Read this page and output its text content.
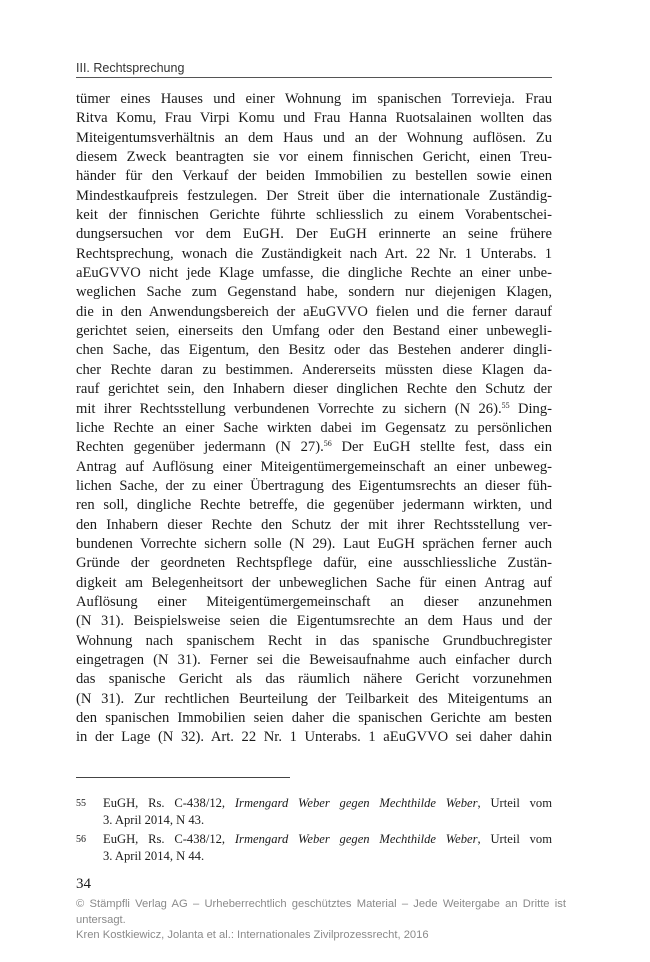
III. Rechtsprechung
tümer eines Hauses und einer Wohnung im spanischen Torrevieja. Frau
Ritva Komu, Frau Virpi Komu und Frau Hanna Ruotsalainen wollten das
Miteigentumsverhältnis an dem Haus und an der Wohnung auflösen. Zu
diesem Zweck beantragten sie vor einem finnischen Gericht, einen Treu-
händer für den Verkauf der beiden Immobilien zu bestellen sowie einen
Mindestkaufpreis festzulegen. Der Streit über die internationale Zuständig-
keit der finnischen Gerichte führte schliesslich zu einem Vorabentschei-
dungsersuchen vor dem EuGH. Der EuGH erinnerte an seine frühere
Rechtsprechung, wonach die Zuständigkeit nach Art. 22 Nr. 1 Unterabs. 1
aEuGVVO nicht jede Klage umfasse, die dingliche Rechte an einer unbe-
weglichen Sache zum Gegenstand habe, sondern nur diejenigen Klagen,
die in den Anwendungsbereich der aEuGVVO fielen und die ferner darauf
gerichtet seien, einerseits den Umfang oder den Bestand einer unbewegli-
chen Sache, das Eigentum, den Besitz oder das Bestehen anderer dingli-
cher Rechte daran zu bestimmen. Andererseits müssten diese Klagen da-
rauf gerichtet sein, den Inhabern dieser dinglichen Rechte den Schutz der
mit ihrer Rechtsstellung verbundenen Vorrechte zu sichern (N 26).$^{55}$ Ding-
liche Rechte an einer Sache wirkten dabei im Gegensatz zu persönlichen
Rechten gegenüber jedermann (N 27).$^{56}$ Der EuGH stellte fest, dass ein
Antrag auf Auflösung einer Miteigentümergemeinschaft an einer unbeweg-
lichen Sache, der zu einer Übertragung des Eigentumsrechts an dieser füh-
ren soll, dingliche Rechte betreffe, die gegenüber jedermann wirkten, und
den Inhabern dieser Rechte den Schutz der mit ihrer Rechtsstellung ver-
bundenen Vorrechte sichern solle (N 29). Laut EuGH sprächen ferner auch
Gründe der geordneten Rechtspflege dafür, eine ausschliessliche Zustän-
digkeit am Belegenheitsort der unbeweglichen Sache für einen Antrag auf
Auflösung einer Miteigentümergemeinschaft an dieser anzunehmen
(N 31). Beispielsweise seien die Eigentumsrechte an dem Haus und der
Wohnung nach spanischem Recht in das spanische Grundbuchregister
eingetragen (N 31). Ferner sei die Beweisaufnahme auch einfacher durch
das spanische Gericht als das räumlich nähere Gericht vorzunehmen
(N 31). Zur rechtlichen Beurteilung der Teilbarkeit des Miteigentums an
den spanischen Immobilien seien daher die spanischen Gerichte am besten
in der Lage (N 32). Art. 22 Nr. 1 Unterabs. 1 aEuGVVO sei daher dahin
55 EuGH, Rs. C-438/12, Irmengard Weber gegen Mechthilde Weber, Urteil vom
3. April 2014, N 43.
56 EuGH, Rs. C-438/12, Irmengard Weber gegen Mechthilde Weber, Urteil vom
3. April 2014, N 44.
34
© Stämpfli Verlag AG – Urheberrechtlich geschütztes Material – Jede Weitergabe an Dritte ist
untersagt.
Kren Kostkiewicz, Jolanta et al.: Internationales Zivilprozessrecht, 2016
